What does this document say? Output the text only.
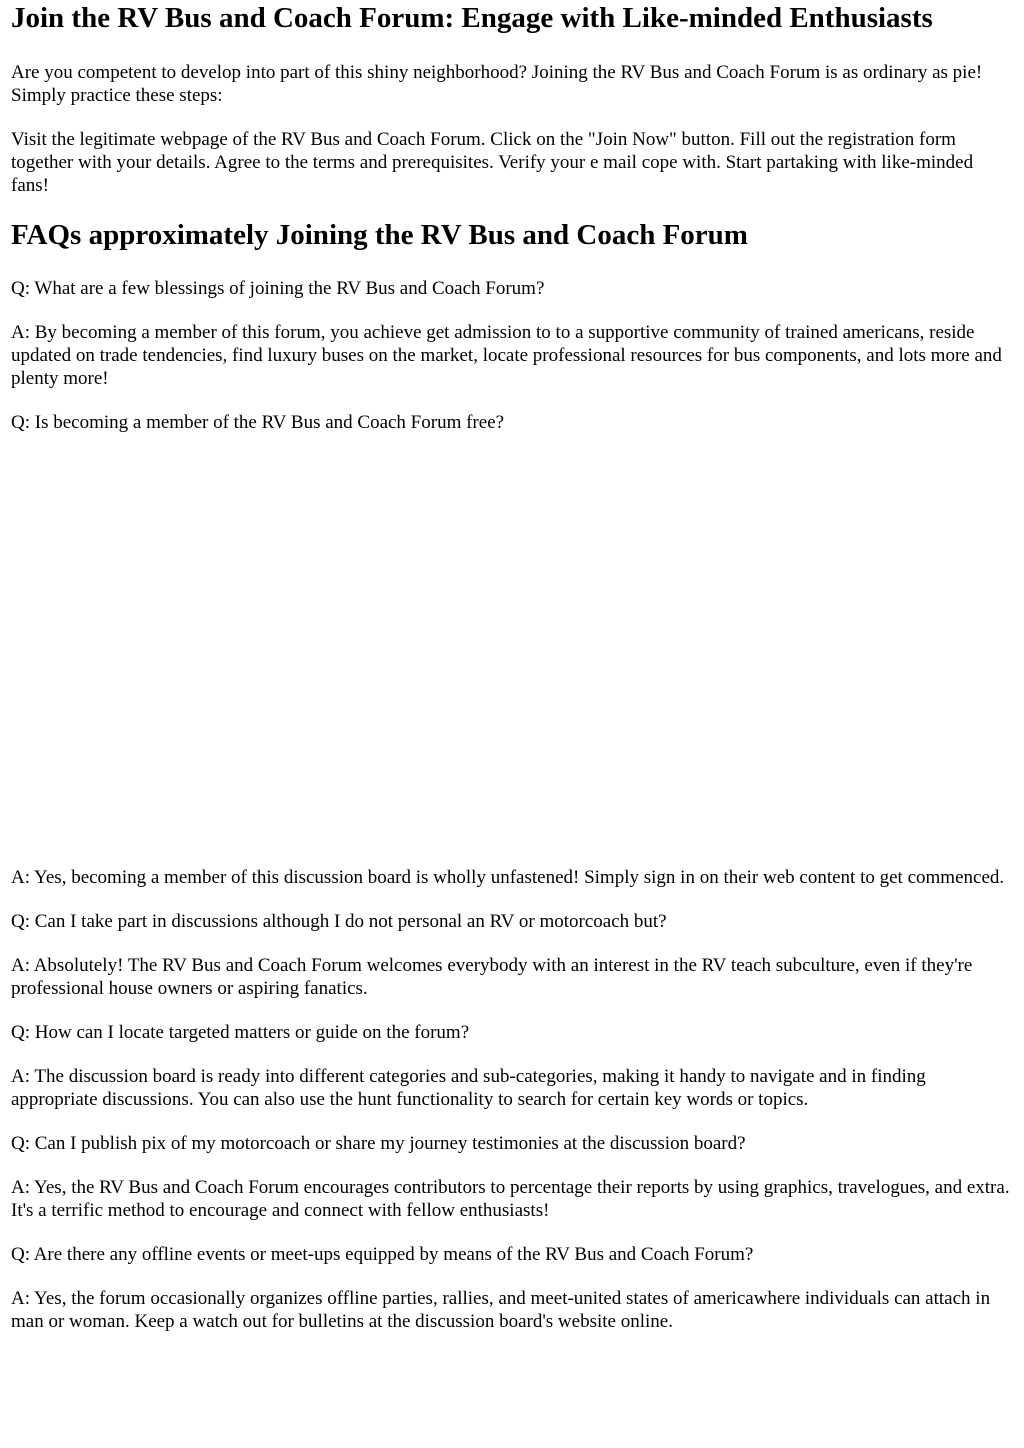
Join the RV Bus and Coach Forum: Engage with Like-minded Enthusiasts

Are you competent to develop into part of this shiny neighborhood? Joining the RV Bus and Coach Forum is as ordinary as pie! Simply practice these steps:

Visit the legitimate webpage of the RV Bus and Coach Forum. Click on the "Join Now" button. Fill out the registration form together with your details. Agree to the terms and prerequisites. Verify your e mail cope with. Start partaking with like-minded fans!

FAQs approximately Joining the RV Bus and Coach Forum

Q: What are a few blessings of joining the RV Bus and Coach Forum?

A: By becoming a member of this forum, you achieve get admission to to a supportive community of trained americans, reside updated on trade tendencies, find luxury buses on the market, locate professional resources for bus components, and lots more and plenty more!

Q: Is becoming a member of the RV Bus and Coach Forum free?

A: Yes, becoming a member of this discussion board is wholly unfastened! Simply sign in on their web content to get commenced.

Q: Can I take part in discussions although I do not personal an RV or motorcoach but?

A: Absolutely! The RV Bus and Coach Forum welcomes everybody with an interest in the RV teach subculture, even if they're professional house owners or aspiring fanatics.

Q: How can I locate targeted matters or guide on the forum?

A: The discussion board is ready into different categories and sub-categories, making it handy to navigate and in finding appropriate discussions. You can also use the hunt functionality to search for certain key words or topics.

Q: Can I publish pix of my motorcoach or share my journey testimonies at the discussion board?

A: Yes, the RV Bus and Coach Forum encourages contributors to percentage their reports by using graphics, travelogues, and extra. It's a terrific method to encourage and connect with fellow enthusiasts!

Q: Are there any offline events or meet-ups equipped by means of the RV Bus and Coach Forum?

A: Yes, the forum occasionally organizes offline parties, rallies, and meet-united states of americawhere individuals can attach in man or woman. Keep a watch out for bulletins at the discussion board's website online.
